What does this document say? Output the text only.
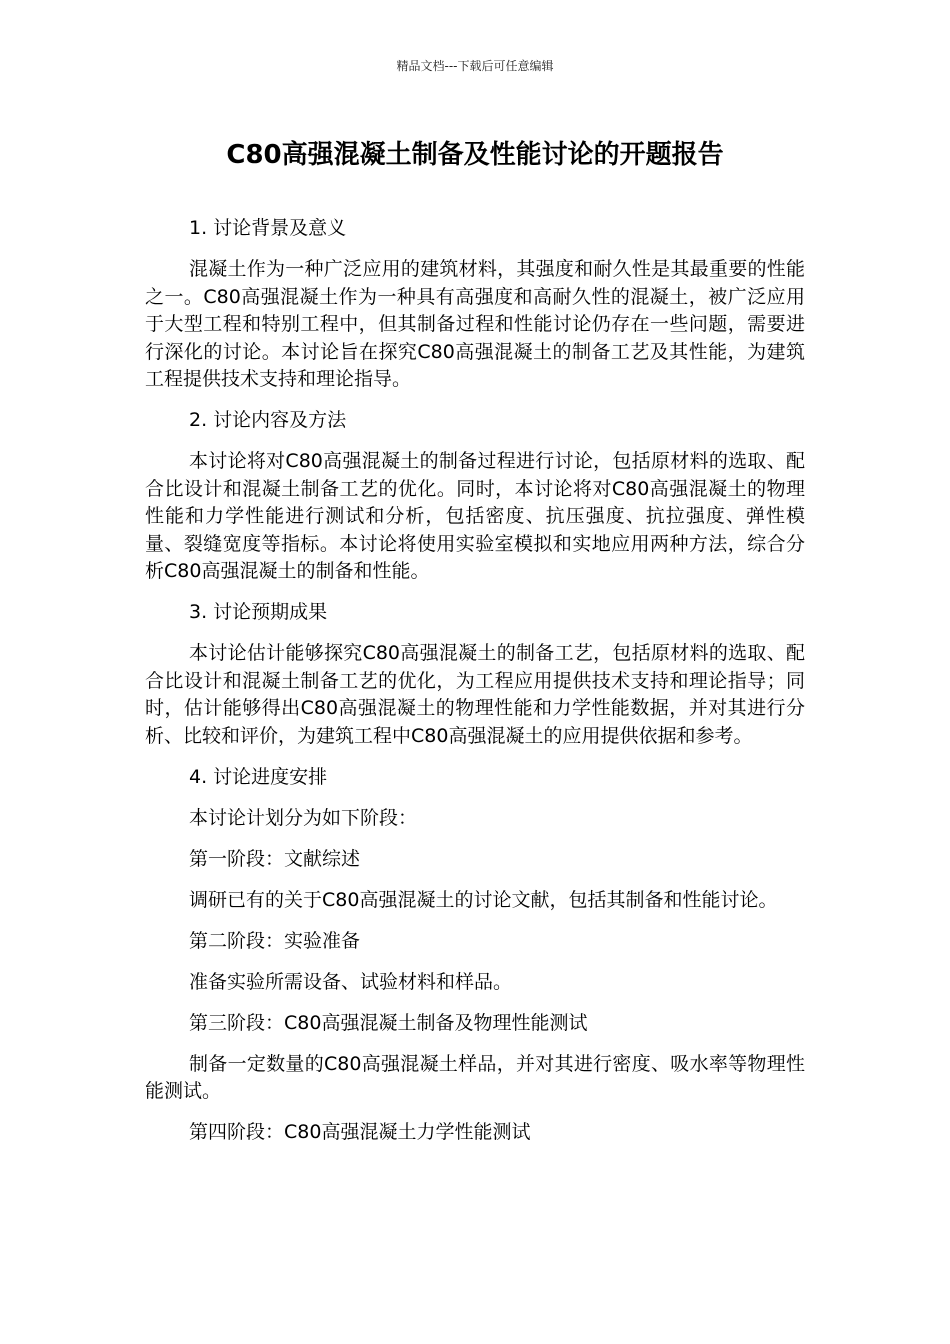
精品文档---下载后可任意编辑
C80高强混凝土制备及性能讨论的开题报告

1. 讨论背景及意义

混凝土作为一种广泛应用的建筑材料，其强度和耐久性是其最重要的性能之一。C80高强混凝土作为一种具有高强度和高耐久性的混凝土，被广泛应用于大型工程和特别工程中，但其制备过程和性能讨论仍存在一些问题，需要进行深化的讨论。本讨论旨在探究C80高强混凝土的制备工艺及其性能，为建筑工程提供技术支持和理论指导。

2. 讨论内容及方法

本讨论将对C80高强混凝土的制备过程进行讨论，包括原材料的选取、配合比设计和混凝土制备工艺的优化。同时，本讨论将对C80高强混凝土的物理性能和力学性能进行测试和分析，包括密度、抗压强度、抗拉强度、弹性模量、裂缝宽度等指标。本讨论将使用实验室模拟和实地应用两种方法，综合分析C80高强混凝土的制备和性能。

3. 讨论预期成果

本讨论估计能够探究C80高强混凝土的制备工艺，包括原材料的选取、配合比设计和混凝土制备工艺的优化，为工程应用提供技术支持和理论指导；同时，估计能够得出C80高强混凝土的物理性能和力学性能数据，并对其进行分析、比较和评价，为建筑工程中C80高强混凝土的应用提供依据和参考。

4. 讨论进度安排

本讨论计划分为如下阶段：

第一阶段：文献综述

调研已有的关于C80高强混凝土的讨论文献，包括其制备和性能讨论。

第二阶段：实验准备

准备实验所需设备、试验材料和样品。

第三阶段：C80高强混凝土制备及物理性能测试

制备一定数量的C80高强混凝土样品，并对其进行密度、吸水率等物理性能测试。

第四阶段：C80高强混凝土力学性能测试
